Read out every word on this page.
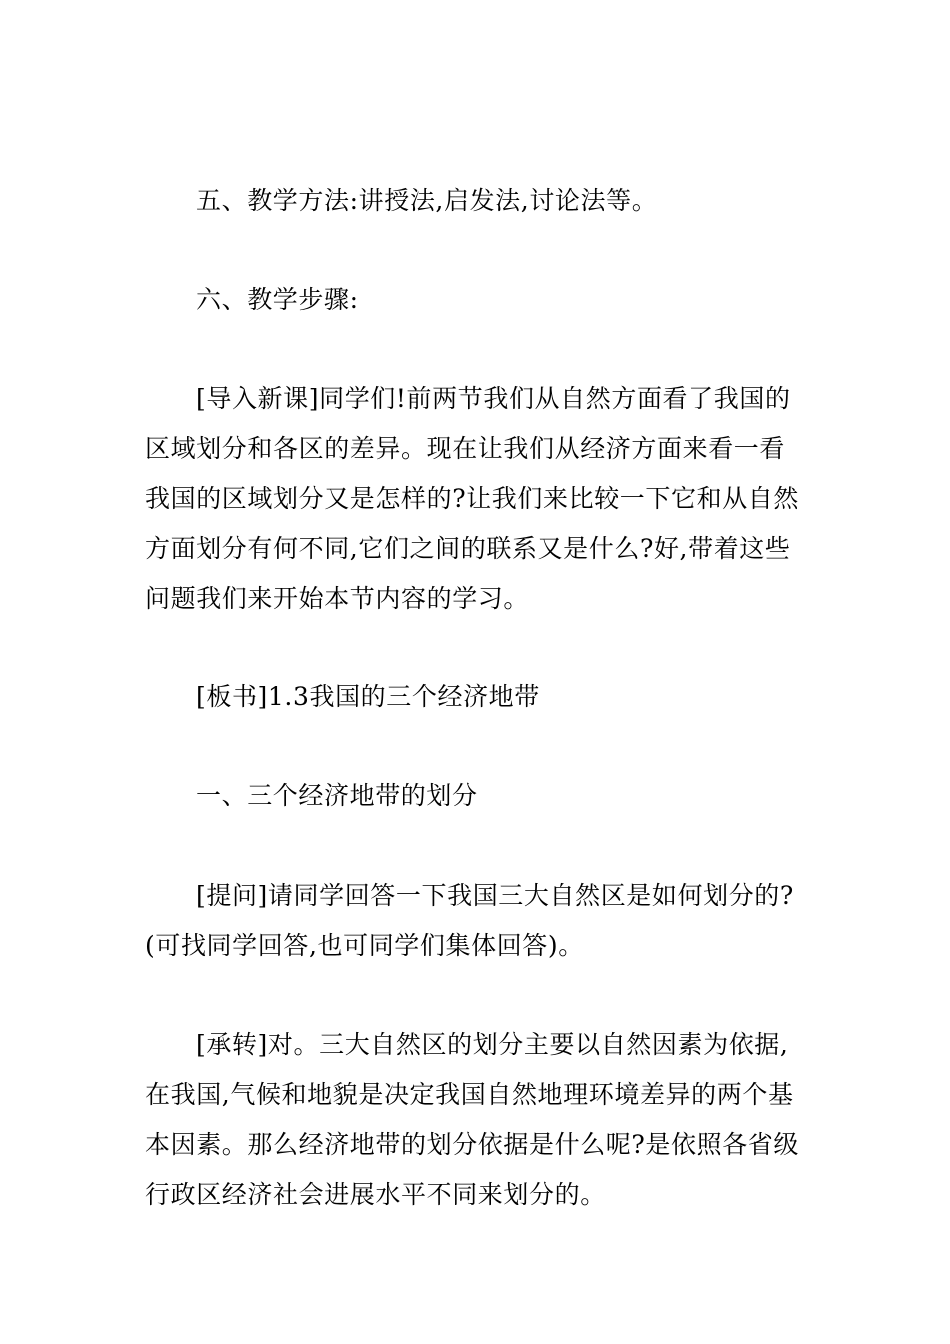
五、教学方法:讲授法,启发法,讨论法等。

六、教学步骤:

[导入新课]同学们!前两节我们从自然方面看了我国的
区域划分和各区的差异。现在让我们从经济方面来看一看
我国的区域划分又是怎样的?让我们来比较一下它和从自然
方面划分有何不同,它们之间的联系又是什么?好,带着这些
问题我们来开始本节内容的学习。

[板书]1.3我国的三个经济地带

一、三个经济地带的划分

[提问]请同学回答一下我国三大自然区是如何划分的?
(可找同学回答,也可同学们集体回答)。

[承转]对。三大自然区的划分主要以自然因素为依据,
在我国,气候和地貌是决定我国自然地理环境差异的两个基
本因素。那么经济地带的划分依据是什么呢?是依照各省级
行政区经济社会进展水平不同来划分的。
